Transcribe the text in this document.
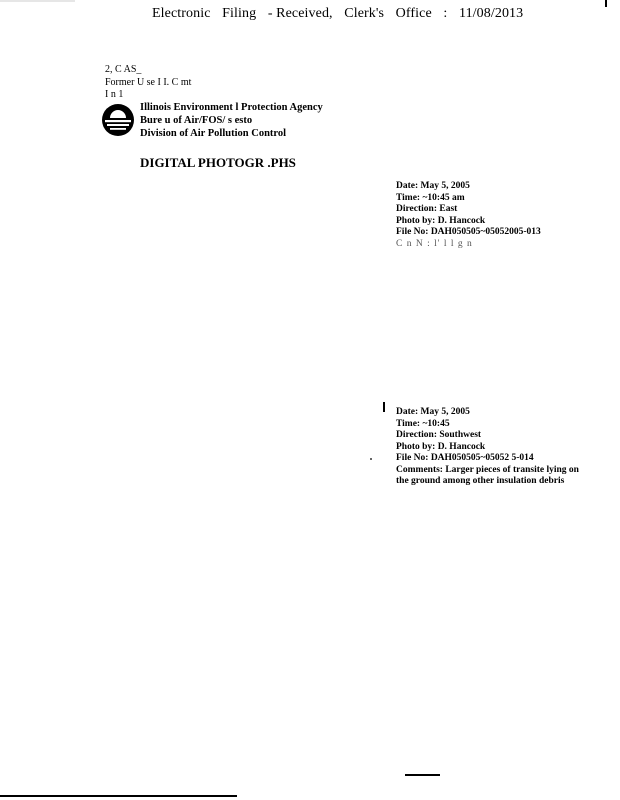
Electronic Filing - Received, Clerk's Office : 11/08/2013
2, C AS_
Former U se I I. C mt
I n 1
Illinois Environment l Protection Agency
Bure u of Air/FOS/ s esto
Division of Air Pollution Control
DIGITAL PHOTOGR .PHS
Date: May 5, 2005
Time: ~10:45 am
Direction: East
Photo by: D. Hancock
File No: DAH050505~05052005-013
C n N : l' l l g n
Date: May 5, 2005
Time: ~10:45
Direction: Southwest
Photo by: D. Hancock
File No: DAH050505~05052 5-014
Comments: Larger pieces of transite lying on
the ground among other insulation debris
